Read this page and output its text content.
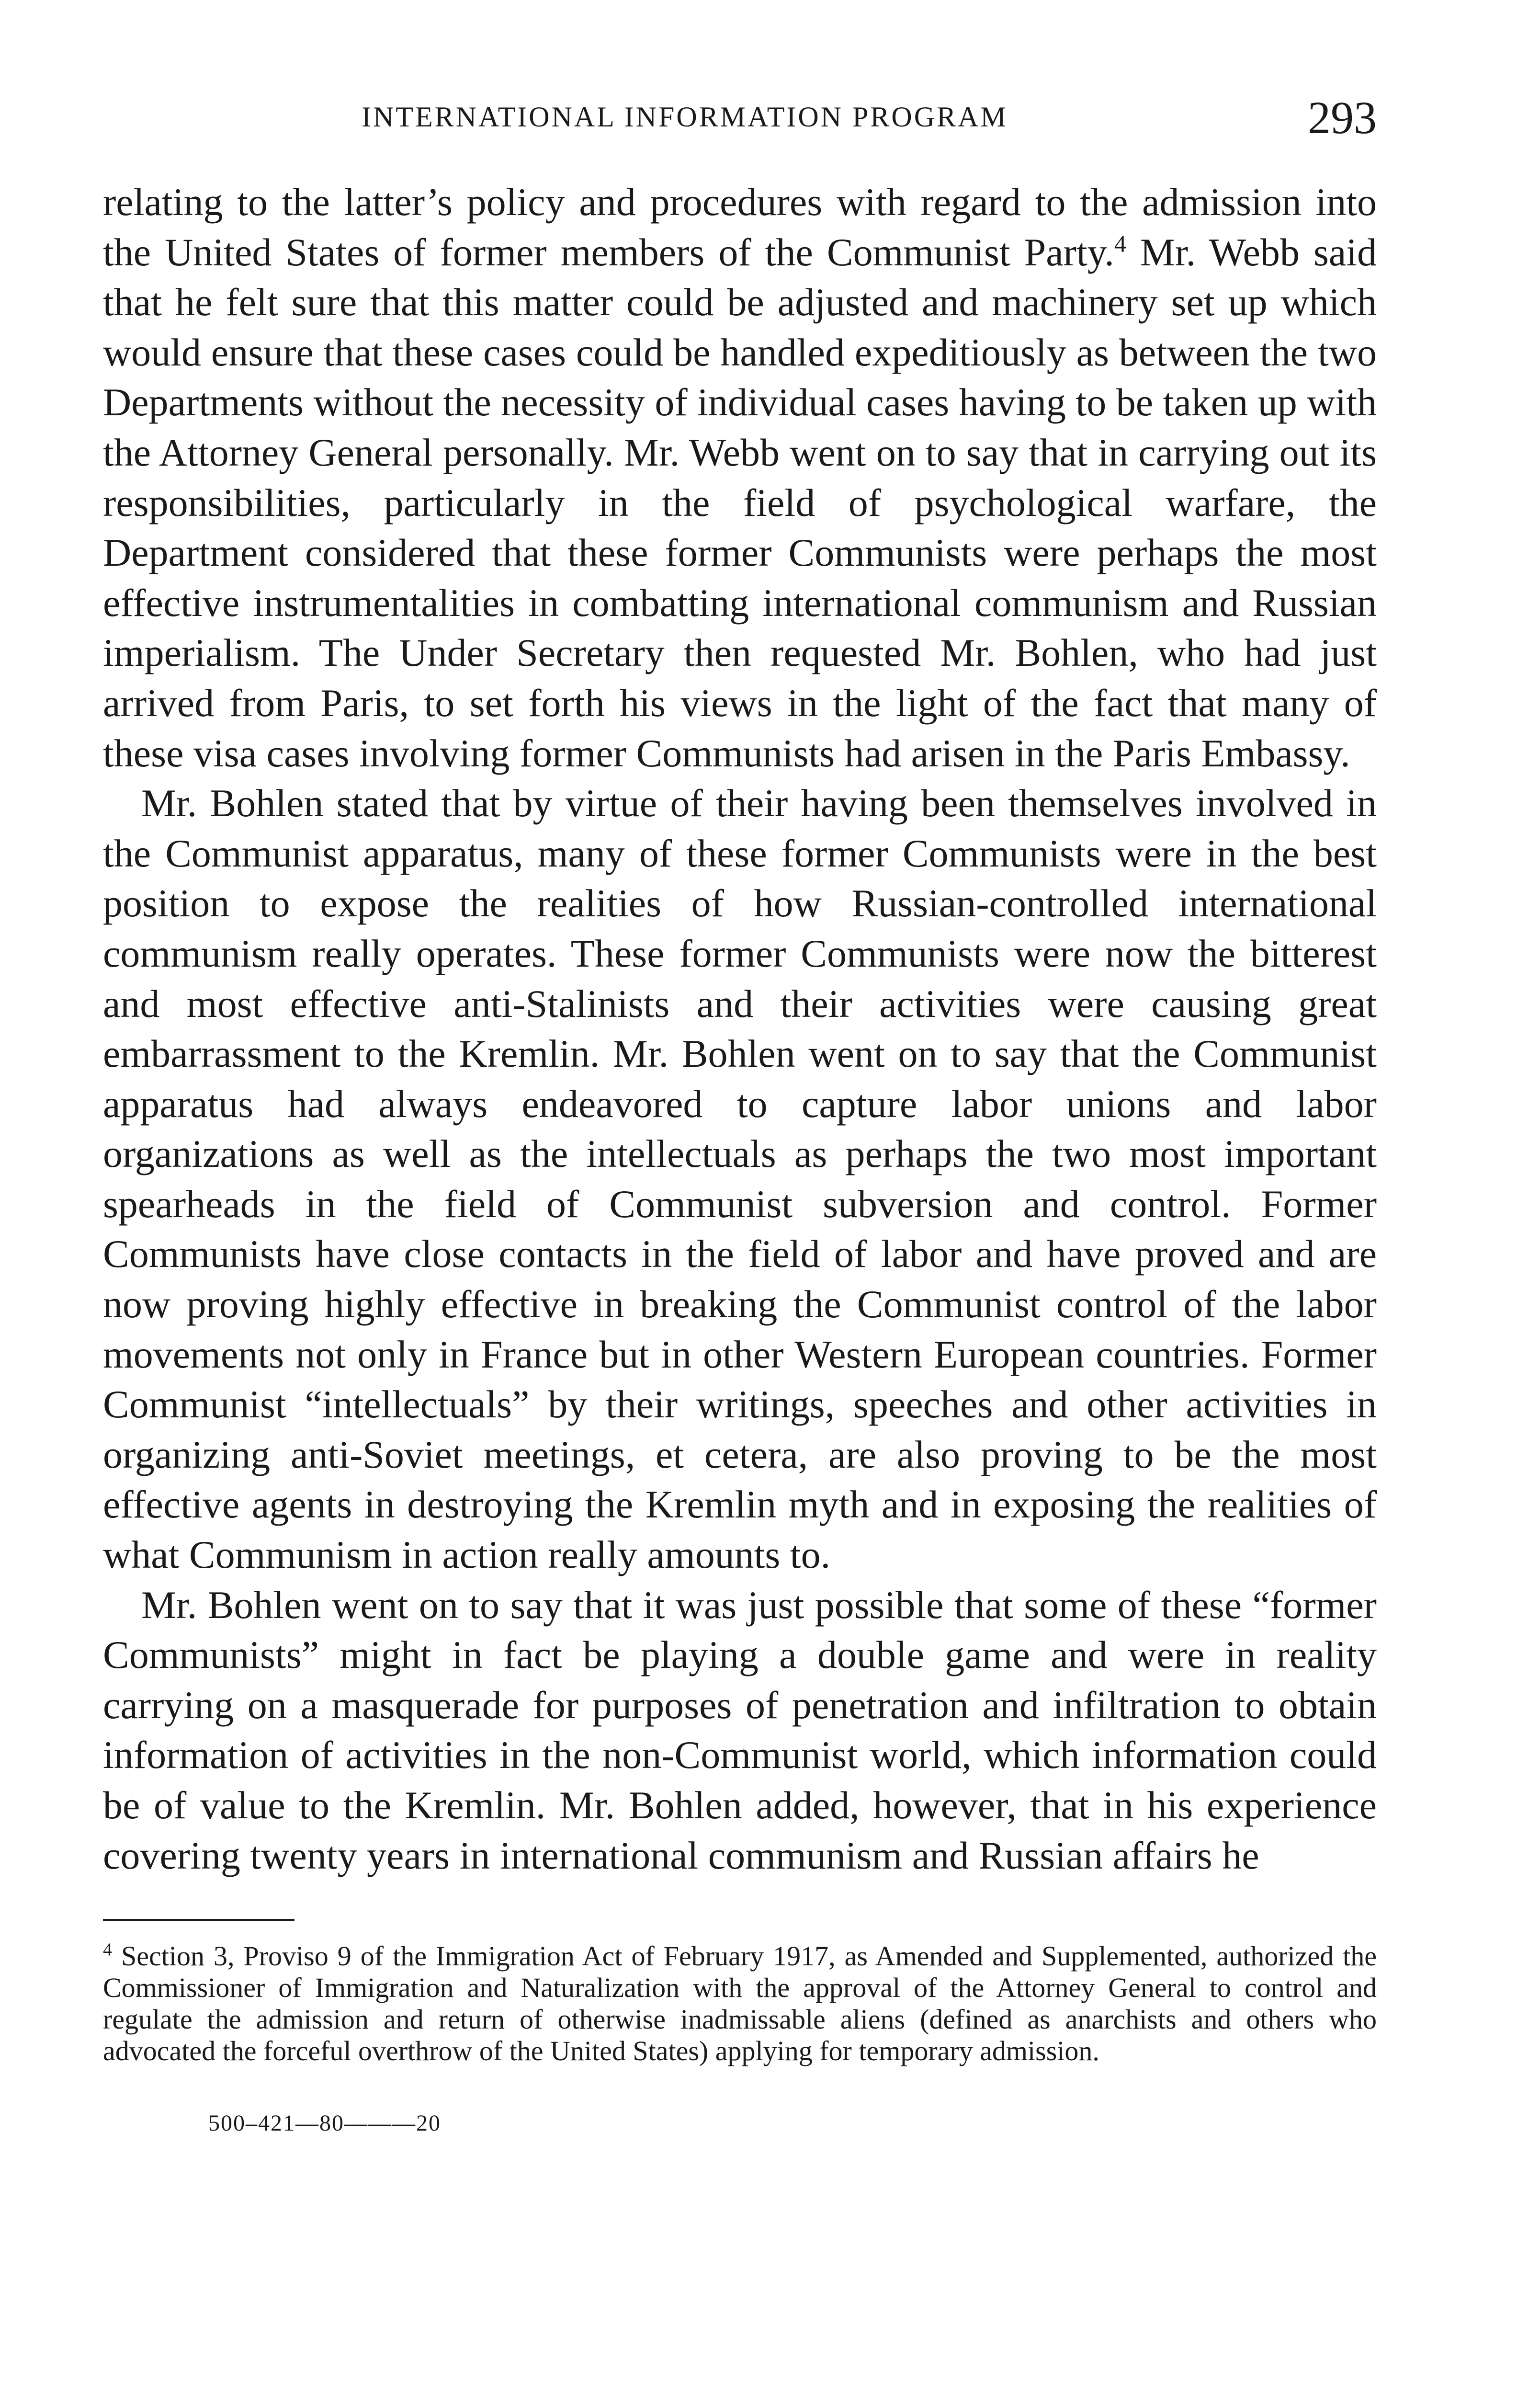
INTERNATIONAL INFORMATION PROGRAM	293

relating to the latter’s policy and procedures with regard to the admission into the United States of former members of the Communist Party.$^4$ Mr. Webb said that he felt sure that this matter could be adjusted and machinery set up which would ensure that these cases could be handled expeditiously as between the two Departments without the necessity of individual cases having to be taken up with the Attorney General personally. Mr. Webb went on to say that in carrying out its responsibilities, particularly in the field of psychological warfare, the Department considered that these former Communists were perhaps the most effective instrumentalities in combatting international communism and Russian imperialism. The Under Secretary then requested Mr. Bohlen, who had just arrived from Paris, to set forth his views in the light of the fact that many of these visa cases involving former Communists had arisen in the Paris Embassy.

Mr. Bohlen stated that by virtue of their having been themselves involved in the Communist apparatus, many of these former Communists were in the best position to expose the realities of how Russian-controlled international communism really operates. These former Communists were now the bitterest and most effective anti-Stalinists and their activities were causing great embarrassment to the Kremlin. Mr. Bohlen went on to say that the Communist apparatus had always endeavored to capture labor unions and labor organizations as well as the intellectuals as perhaps the two most important spearheads in the field of Communist subversion and control. Former Communists have close contacts in the field of labor and have proved and are now proving highly effective in breaking the Communist control of the labor movements not only in France but in other Western European countries. Former Communist “intellectuals” by their writings, speeches and other activities in organizing anti-Soviet meetings, et cetera, are also proving to be the most effective agents in destroying the Kremlin myth and in exposing the realities of what Communism in action really amounts to.

Mr. Bohlen went on to say that it was just possible that some of these “former Communists” might in fact be playing a double game and were in reality carrying on a masquerade for purposes of penetration and infiltration to obtain information of activities in the non-Communist world, which information could be of value to the Kremlin. Mr. Bohlen added, however, that in his experience covering twenty years in international communism and Russian affairs he

$^4$ Section 3, Proviso 9 of the Immigration Act of February 1917, as Amended and Supplemented, authorized the Commissioner of Immigration and Naturalization with the approval of the Attorney General to control and regulate the admission and return of otherwise inadmissable aliens (defined as anarchists and others who advocated the forceful overthrow of the United States) applying for temporary admission.
500–421—80———20
